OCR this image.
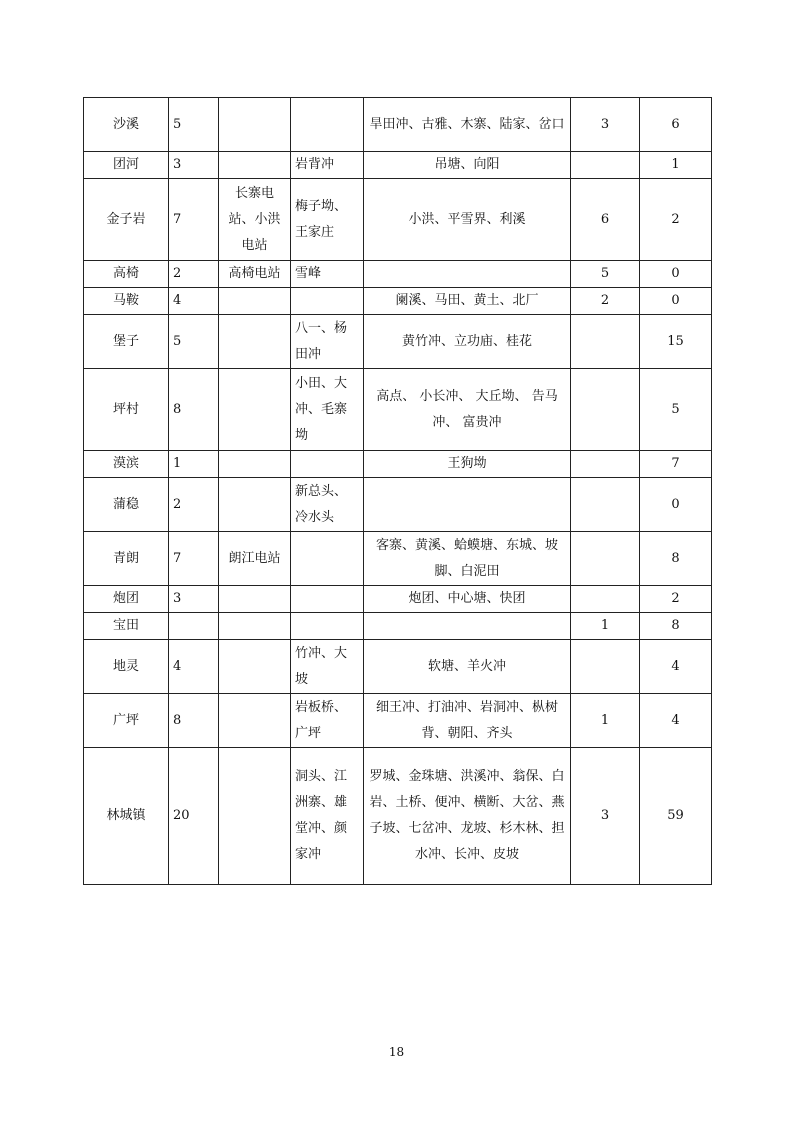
沙溪	5			旱田冲、古雅、木寨、陆家、岔口	3	6
团河	3		岩背冲	吊塘、向阳		1
金子岩	7	长寨电站、小洪电站	梅子坳、王家庄	小洪、平雪界、利溪	6	2
高椅	2	高椅电站	雪峰		5	0
马鞍	4			阑溪、马田、黄土、北厂	2	0
堡子	5		八一、杨田冲	黄竹冲、立功庙、桂花		15
坪村	8		小田、大冲、毛寨坳	高点、 小长冲、 大丘坳、 告马冲、 富贵冲		5
漠滨	1			王狗坳		7
蒲稳	2		新总头、冷水头			0
青朗	7	朗江电站		客寨、黄溪、蛤蟆塘、东城、坡脚、白泥田		8
炮团	3			炮团、中心塘、快团		2
宝田					1	8
地灵	4		竹冲、大坡	软塘、羊火冲		4
广坪	8		岩板桥、广坪	细王冲、打油冲、岩洞冲、枞树背、朝阳、齐头	1	4
林城镇	20		洞头、江洲寨、雄堂冲、颜家冲	罗城、金珠塘、洪溪冲、翁保、白岩、土桥、便冲、横断、大岔、燕子坡、七岔冲、龙坡、杉木林、担水冲、长冲、皮坡	3	59
18
